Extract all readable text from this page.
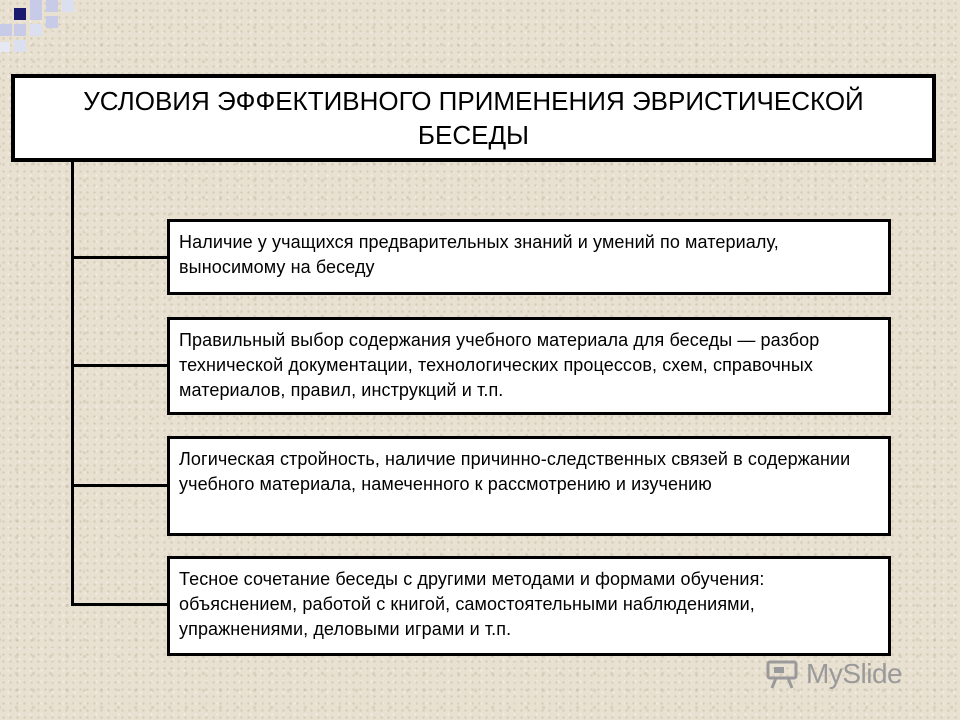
УСЛОВИЯ ЭФФЕКТИВНОГО ПРИМЕНЕНИЯ ЭВРИСТИЧЕСКОЙ БЕСЕДЫ
Наличие у учащихся предварительных знаний и умений по материалу, выносимому на беседу
Правильный выбор содержания учебного материала для беседы — разбор технической документации, технологических процессов, схем, справочных материалов, правил, инструкций и т.п.
Логическая стройность, наличие причинно-следственных связей в содержании учебного материала, намеченного к рассмотрению и изучению
Тесное сочетание беседы с другими методами и формами обучения: объяснением, работой с книгой, самостоятельными наблюдениями, упражнениями, деловыми играми и т.п.
MySlide
